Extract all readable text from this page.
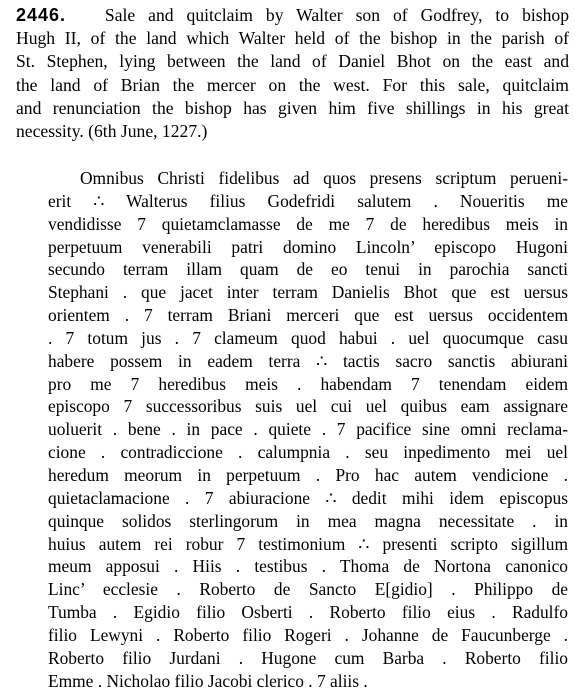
2446. Sale and quitclaim by Walter son of Godfrey, to bishop
Hugh II, of the land which Walter held of the bishop in the parish of
St. Stephen, lying between the land of Daniel Bhot on the east and
the land of Brian the mercer on the west. For this sale, quitclaim
and renunciation the bishop has given him five shillings in his great
necessity. (6th June, 1227.)
Omnibus Christi fidelibus ad quos presens scriptum perueni-
erit ∴ Walterus filius Godefridi salutem . Noueritis me
vendidisse 7 quietamclamasse de me 7 de heredibus meis in
perpetuum venerabili patri domino Lincoln’ episcopo Hugoni
secundo terram illam quam de eo tenui in parochia sancti
Stephani . que jacet inter terram Danielis Bhot que est uersus
orientem . 7 terram Briani merceri que est uersus occidentem
. 7 totum jus . 7 clameum quod habui . uel quocumque casu
habere possem in eadem terra ∴ tactis sacro sanctis abiurani
pro me 7 heredibus meis . habendam 7 tenendam eidem
episcopo 7 successoribus suis uel cui uel quibus eam assignare
uoluerit . bene . in pace . quiete . 7 pacifice sine omni reclama-
cione . contradiccione . calumpnia . seu inpedimento mei uel
heredum meorum in perpetuum . Pro hac autem vendicione .
quietaclamacione . 7 abiuracione ∴ dedit mihi idem episcopus
quinque solidos sterlingorum in mea magna necessitate . in
huius autem rei robur 7 testimonium ∴ presenti scripto sigillum
meum apposui . Hiis . testibus . Thoma de Nortona canonico
Linc’ ecclesie . Roberto de Sancto E[gidio] . Philippo de
Tumba . Egidio filio Osberti . Roberto filio eius . Radulfo
filio Lewyni . Roberto filio Rogeri . Johanne de Faucunberge .
Roberto filio Jurdani . Hugone cum Barba . Roberto filio
Emme . Nicholao filio Jacobi clerico . 7 aliis .
